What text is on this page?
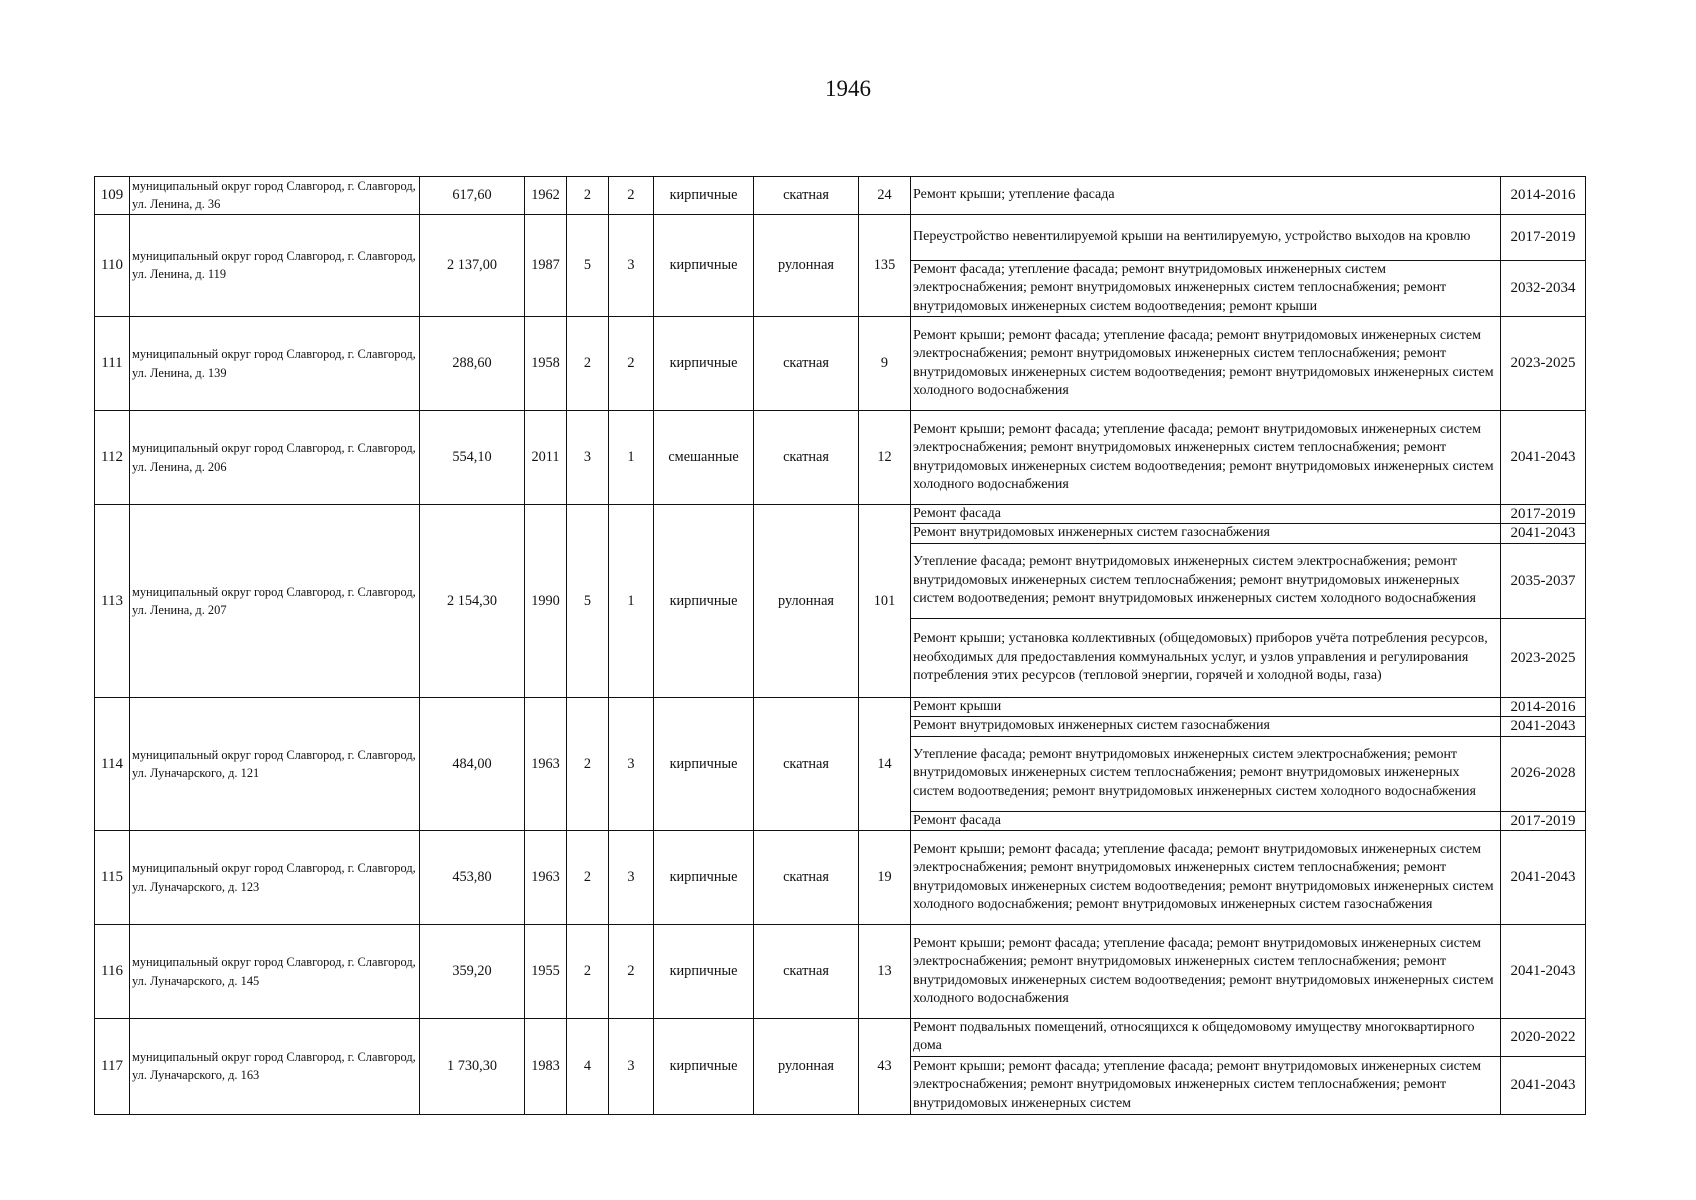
1946
109	муниципальный округ город Славгород, г. Славгород, ул. Ленина, д. 36	617,60	1962	2	2	кирпичные	скатная	24	Ремонт крыши; утепление фасада	2014-2016
110	муниципальный округ город Славгород, г. Славгород, ул. Ленина, д. 119	2 137,00	1987	5	3	кирпичные	рулонная	135	Переустройство невентилируемой крыши на вентилируемую, устройство выходов на кровлю	2017-2019
									Ремонт фасада; утепление фасада; ремонт внутридомовых инженерных систем электроснабжения; ремонт внутридомовых инженерных систем теплоснабжения; ремонт внутридомовых инженерных систем водоотведения; ремонт крыши	2032-2034
111	муниципальный округ город Славгород, г. Славгород, ул. Ленина, д. 139	288,60	1958	2	2	кирпичные	скатная	9	Ремонт крыши; ремонт фасада; утепление фасада; ремонт внутридомовых инженерных систем электроснабжения; ремонт внутридомовых инженерных систем теплоснабжения; ремонт внутридомовых инженерных систем водоотведения; ремонт внутридомовых инженерных систем холодного водоснабжения	2023-2025
112	муниципальный округ город Славгород, г. Славгород, ул. Ленина, д. 206	554,10	2011	3	1	смешанные	скатная	12	Ремонт крыши; ремонт фасада; утепление фасада; ремонт внутридомовых инженерных систем электроснабжения; ремонт внутридомовых инженерных систем теплоснабжения; ремонт внутридомовых инженерных систем водоотведения; ремонт внутридомовых инженерных систем холодного водоснабжения	2041-2043
113	муниципальный округ город Славгород, г. Славгород, ул. Ленина, д. 207	2 154,30	1990	5	1	кирпичные	рулонная	101	Ремонт фасада	2017-2019
									Ремонт внутридомовых инженерных систем газоснабжения	2041-2043
									Утепление фасада; ремонт внутридомовых инженерных систем электроснабжения; ремонт внутридомовых инженерных систем теплоснабжения; ремонт внутридомовых инженерных систем водоотведения; ремонт внутридомовых инженерных систем холодного водоснабжения	2035-2037
									Ремонт крыши; установка коллективных (общедомовых) приборов учёта потребления ресурсов, необходимых для предоставления коммунальных услуг, и узлов управления и регулирования потребления этих ресурсов (тепловой энергии, горячей и холодной воды, газа)	2023-2025
114	муниципальный округ город Славгород, г. Славгород, ул. Луначарского, д. 121	484,00	1963	2	3	кирпичные	скатная	14	Ремонт крыши	2014-2016
									Ремонт внутридомовых инженерных систем газоснабжения	2041-2043
									Утепление фасада; ремонт внутридомовых инженерных систем электроснабжения; ремонт внутридомовых инженерных систем теплоснабжения; ремонт внутридомовых инженерных систем водоотведения; ремонт внутридомовых инженерных систем холодного водоснабжения	2026-2028
									Ремонт фасада	2017-2019
115	муниципальный округ город Славгород, г. Славгород, ул. Луначарского, д. 123	453,80	1963	2	3	кирпичные	скатная	19	Ремонт крыши; ремонт фасада; утепление фасада; ремонт внутридомовых инженерных систем электроснабжения; ремонт внутридомовых инженерных систем теплоснабжения; ремонт внутридомовых инженерных систем водоотведения; ремонт внутридомовых инженерных систем холодного водоснабжения; ремонт внутридомовых инженерных систем газоснабжения	2041-2043
116	муниципальный округ город Славгород, г. Славгород, ул. Луначарского, д. 145	359,20	1955	2	2	кирпичные	скатная	13	Ремонт крыши; ремонт фасада; утепление фасада; ремонт внутридомовых инженерных систем электроснабжения; ремонт внутридомовых инженерных систем теплоснабжения; ремонт внутридомовых инженерных систем водоотведения; ремонт внутридомовых инженерных систем холодного водоснабжения	2041-2043
117	муниципальный округ город Славгород, г. Славгород, ул. Луначарского, д. 163	1 730,30	1983	4	3	кирпичные	рулонная	43	Ремонт подвальных помещений, относящихся к общедомовому имуществу многоквартирного дома	2020-2022
									Ремонт крыши; ремонт фасада; утепление фасада; ремонт внутридомовых инженерных систем электроснабжения; ремонт внутридомовых инженерных систем теплоснабжения; ремонт внутридомовых инженерных систем	2041-2043
